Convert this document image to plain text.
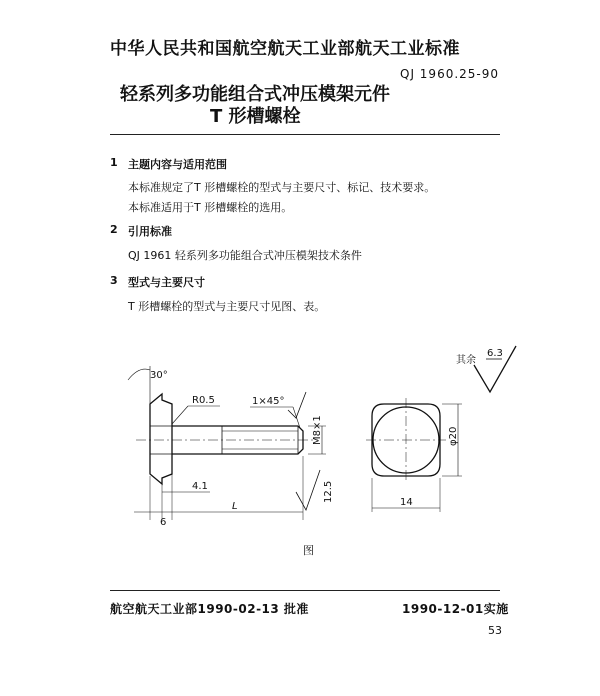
中华人民共和国航空航天工业部航天工业标准
QJ 1960.25-90
轻系列多功能组合式冲压模架元件
T 形槽螺栓
1 主题内容与适用范围
本标准规定了T 形槽螺栓的型式与主要尺寸、标记、技术要求。
本标准适用于T 形槽螺栓的选用。
2 引用标准
QJ 1961 轻系列多功能组合式冲压模架技术条件
3 型式与主要尺寸
T 形槽螺栓的型式与主要尺寸见图、表。
其余
6.3
30°
R0.5	1×45°
M8×1
12.5
4.1
6
L	14
φ20
图
航空航天工业部1990-02-13 批准	1990-12-01实施
53
